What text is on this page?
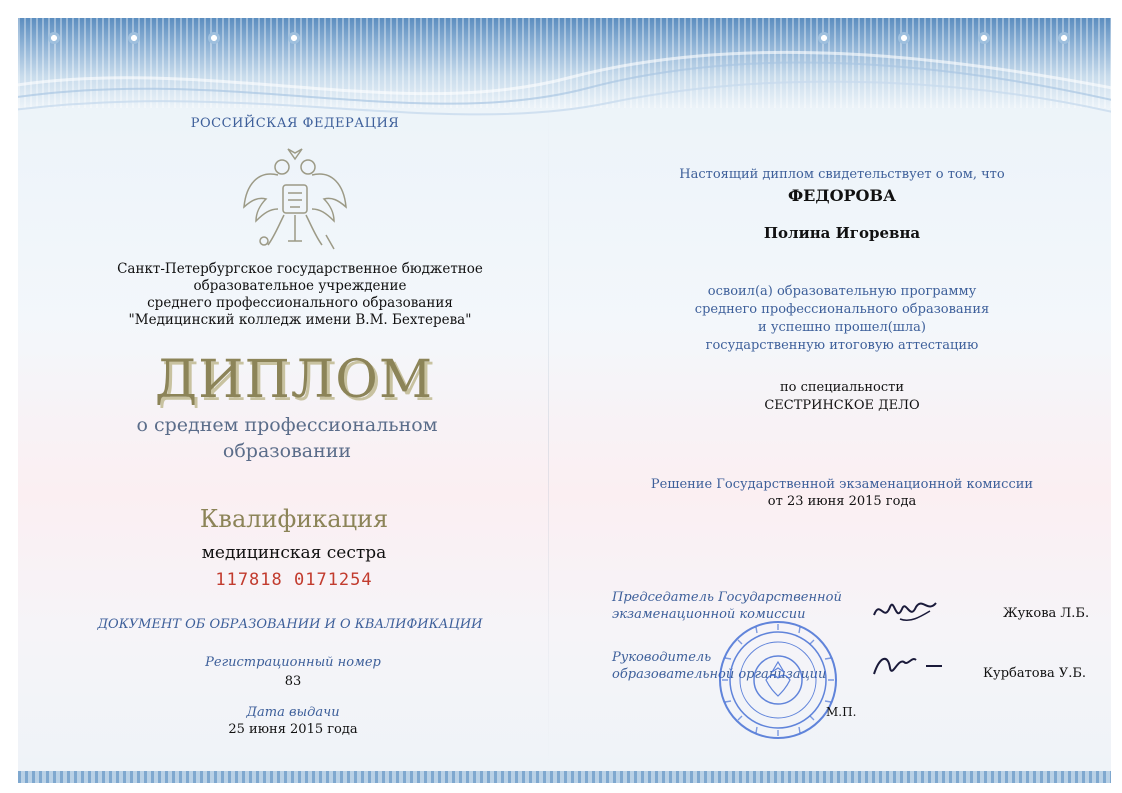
РОССИЙСКАЯ ФЕДЕРАЦИЯ
Санкт-Петербургское государственное бюджетное
образовательное учреждение
среднего профессионального образования
"Медицинский колледж имени В.М. Бехтерева"
ДИПЛОМ
о среднем профессиональном
образовании
Квалификация
медицинская сестра
117818 0171254
ДОКУМЕНТ ОБ ОБРАЗОВАНИИ И О КВАЛИФИКАЦИИ
Регистрационный номер
83
Дата выдачи
25 июня 2015 года
Настоящий диплом свидетельствует о том, что
ФЕДОРОВА
Полина Игоревна
освоил(а) образовательную программу
среднего профессионального образования
и успешно прошел(шла)
государственную итоговую аттестацию
по специальности
СЕСТРИНСКОЕ ДЕЛО
Решение Государственной экзаменационной комиссии
от 23 июня 2015 года
Председатель Государственной
экзаменационной комиссии
Руководитель
образовательной организации
Жукова Л.Б.
Курбатова У.Б.
М.П.
